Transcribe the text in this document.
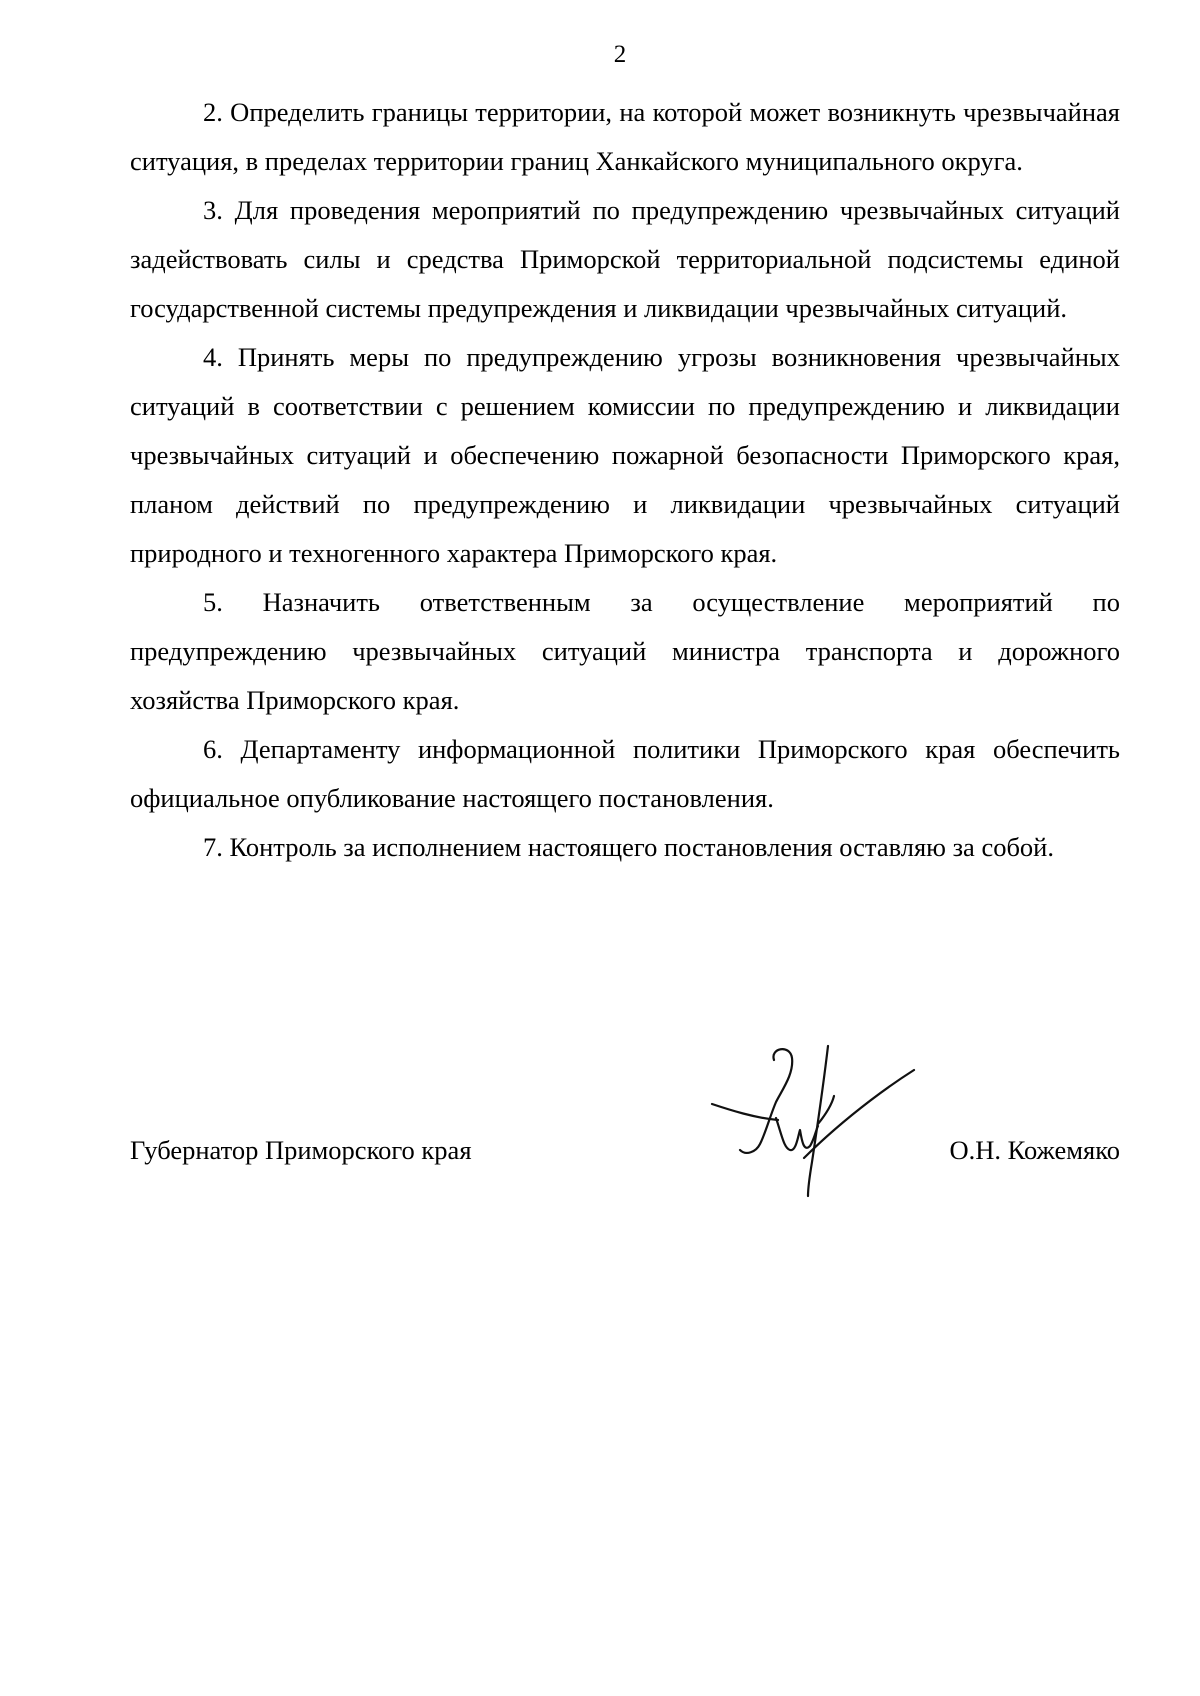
2

2. Определить границы территории, на которой может возникнуть чрезвычайная ситуация, в пределах территории границ Ханкайского муниципального округа.

3. Для проведения мероприятий по предупреждению чрезвычайных ситуаций задействовать силы и средства Приморской территориальной подсистемы единой государственной системы предупреждения и ликвидации чрезвычайных ситуаций.

4. Принять меры по предупреждению угрозы возникновения чрезвычайных ситуаций в соответствии с решением комиссии по предупреждению и ликвидации чрезвычайных ситуаций и обеспечению пожарной безопасности Приморского края, планом действий по предупреждению и ликвидации чрезвычайных ситуаций природного и техногенного характера Приморского края.

5. Назначить ответственным за осуществление мероприятий по предупреждению чрезвычайных ситуаций министра транспорта и дорожного хозяйства Приморского края.

6. Департаменту информационной политики Приморского края обеспечить официальное опубликование настоящего постановления.

7. Контроль за исполнением настоящего постановления оставляю за собой.

Губернатор Приморского края	О.Н. Кожемяко
